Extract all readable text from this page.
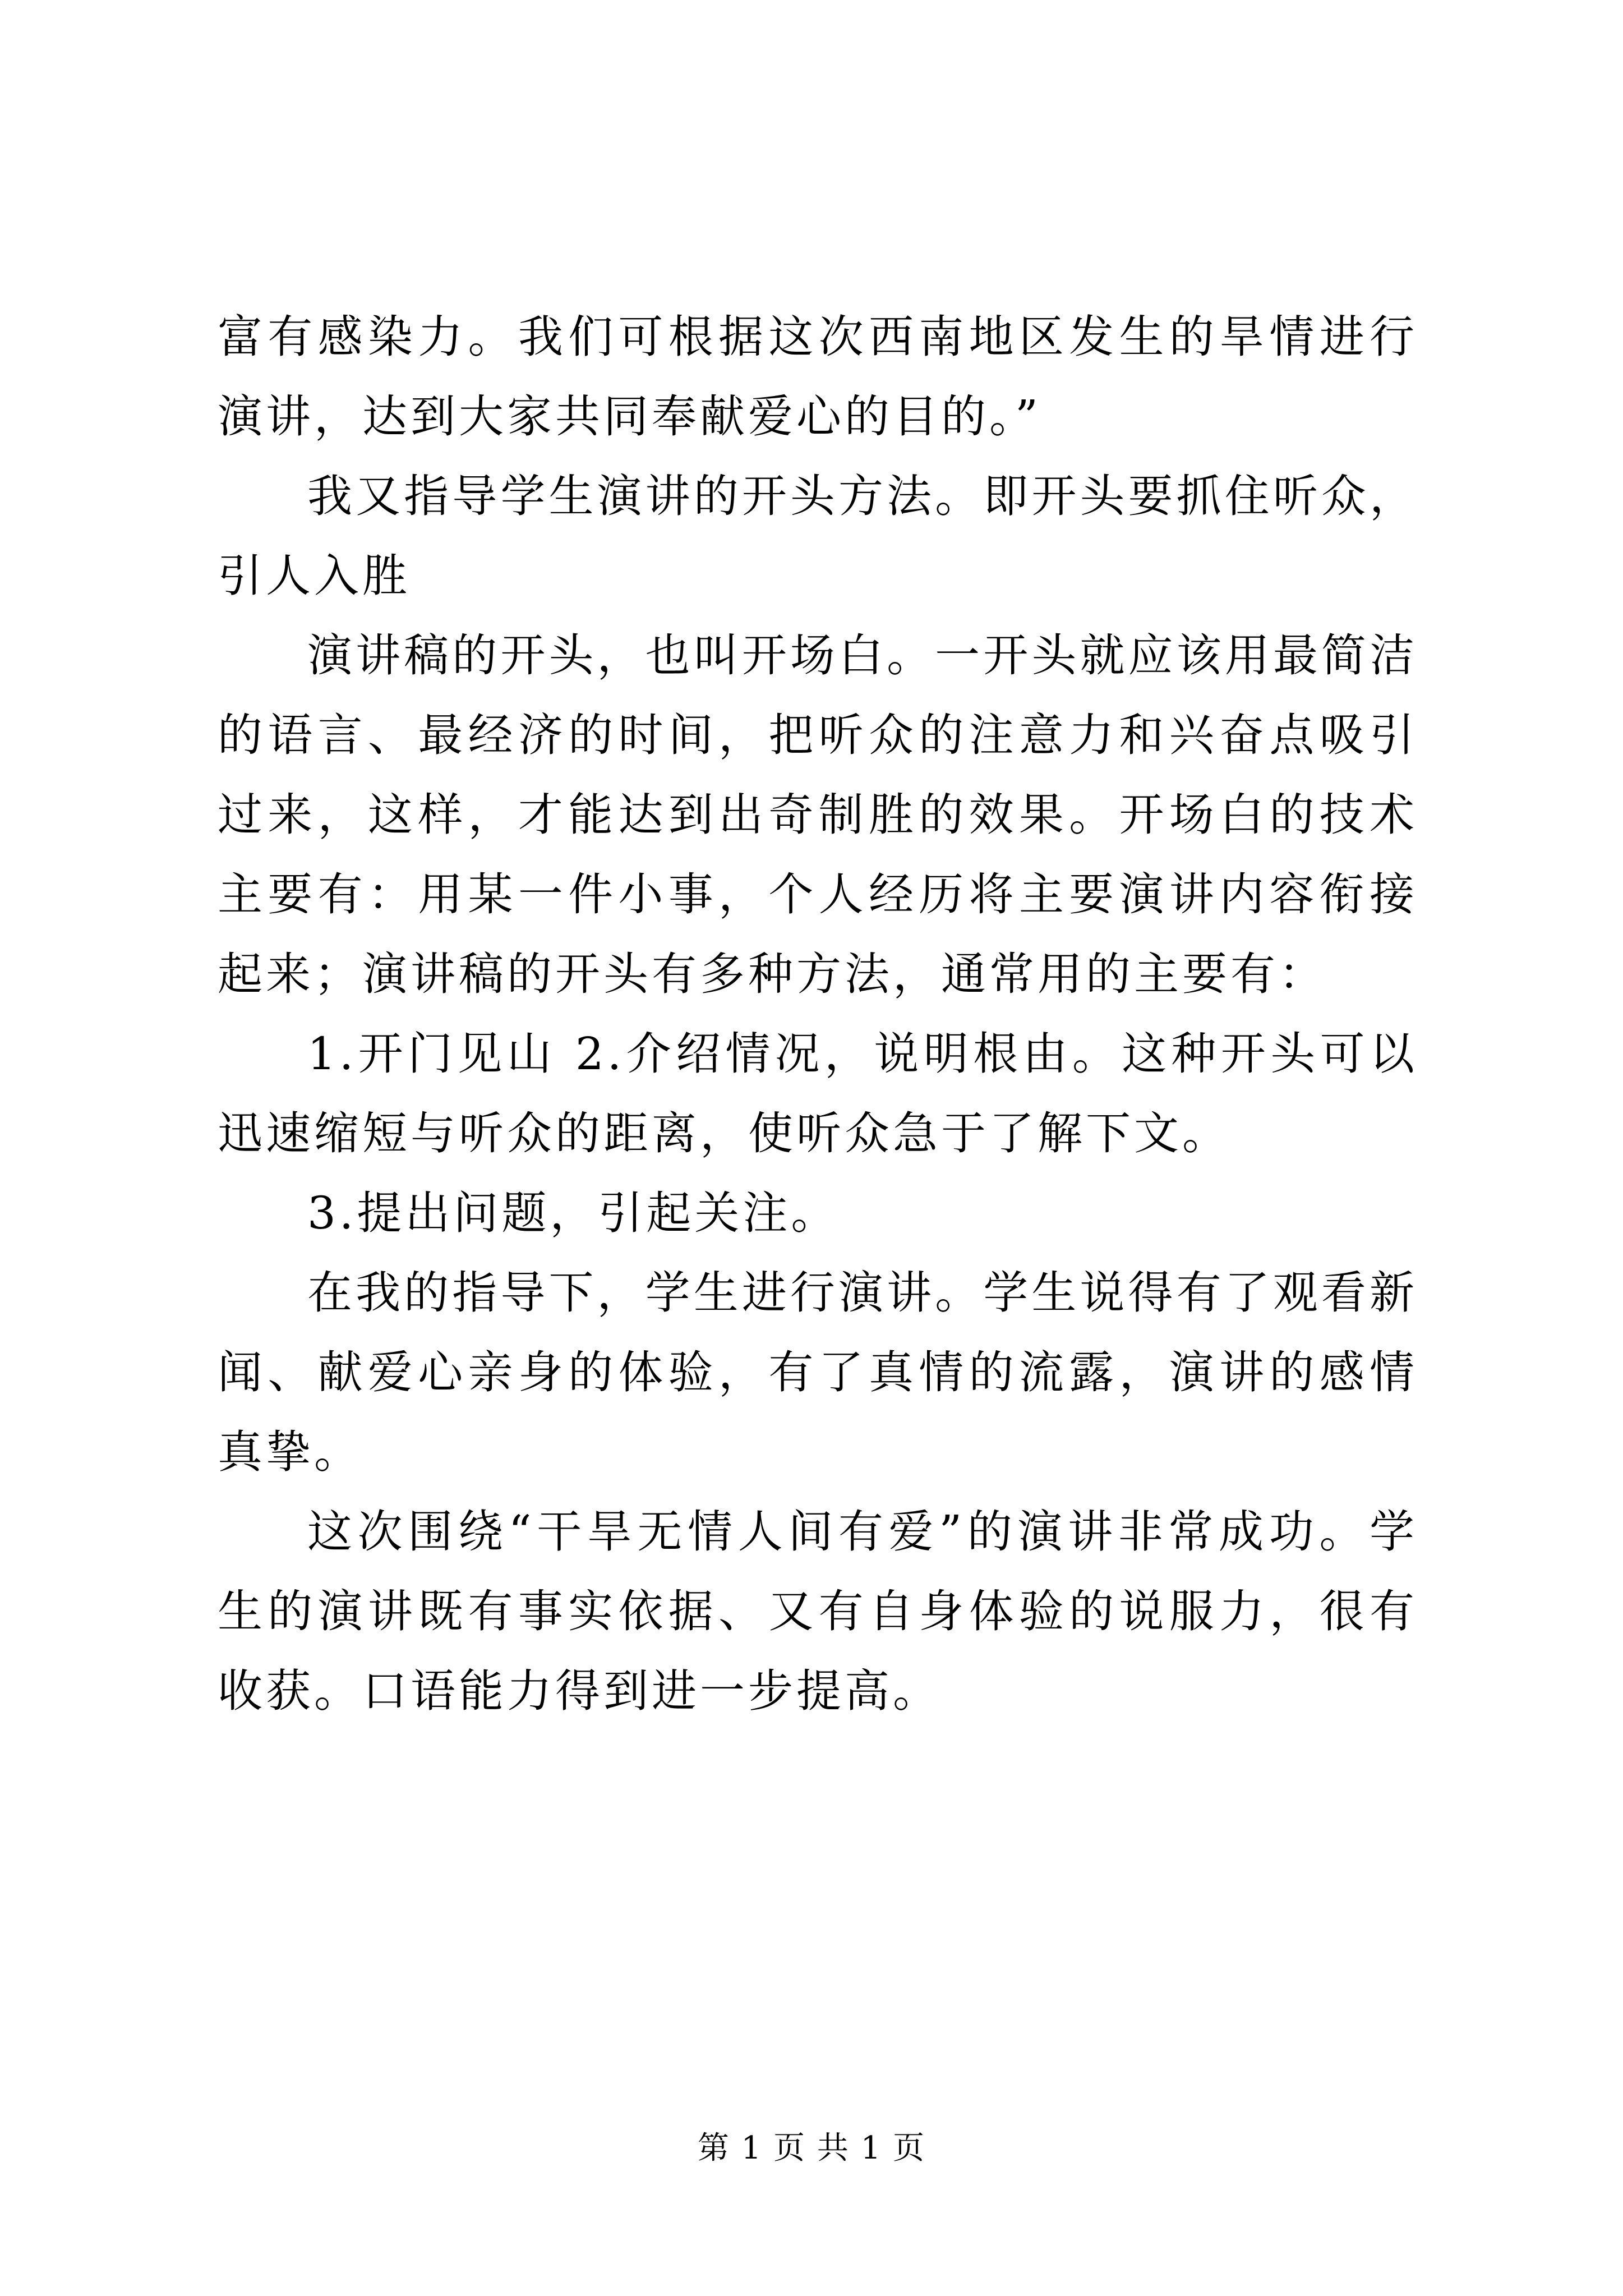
富有感染力。我们可根据这次西南地区发生的旱情进行演讲，达到大家共同奉献爱心的目的。”

我又指导学生演讲的开头方法。即开头要抓住听众，引人入胜

演讲稿的开头，也叫开场白。一开头就应该用最简洁的语言、最经济的时间，把听众的注意力和兴奋点吸引过来，这样，才能达到出奇制胜的效果。开场白的技术主要有：用某一件小事，个人经历将主要演讲内容衔接起来；演讲稿的开头有多种方法，通常用的主要有：

1.开门见山 2.介绍情况，说明根由。这种开头可以迅速缩短与听众的距离，使听众急于了解下文。

3.提出问题，引起关注。

在我的指导下，学生进行演讲。学生说得有了观看新闻、献爱心亲身的体验，有了真情的流露，演讲的感情真挚。

这次围绕“干旱无情人间有爱”的演讲非常成功。学生的演讲既有事实依据、又有自身体验的说服力，很有收获。口语能力得到进一步提高。

第 1 页 共 1 页
